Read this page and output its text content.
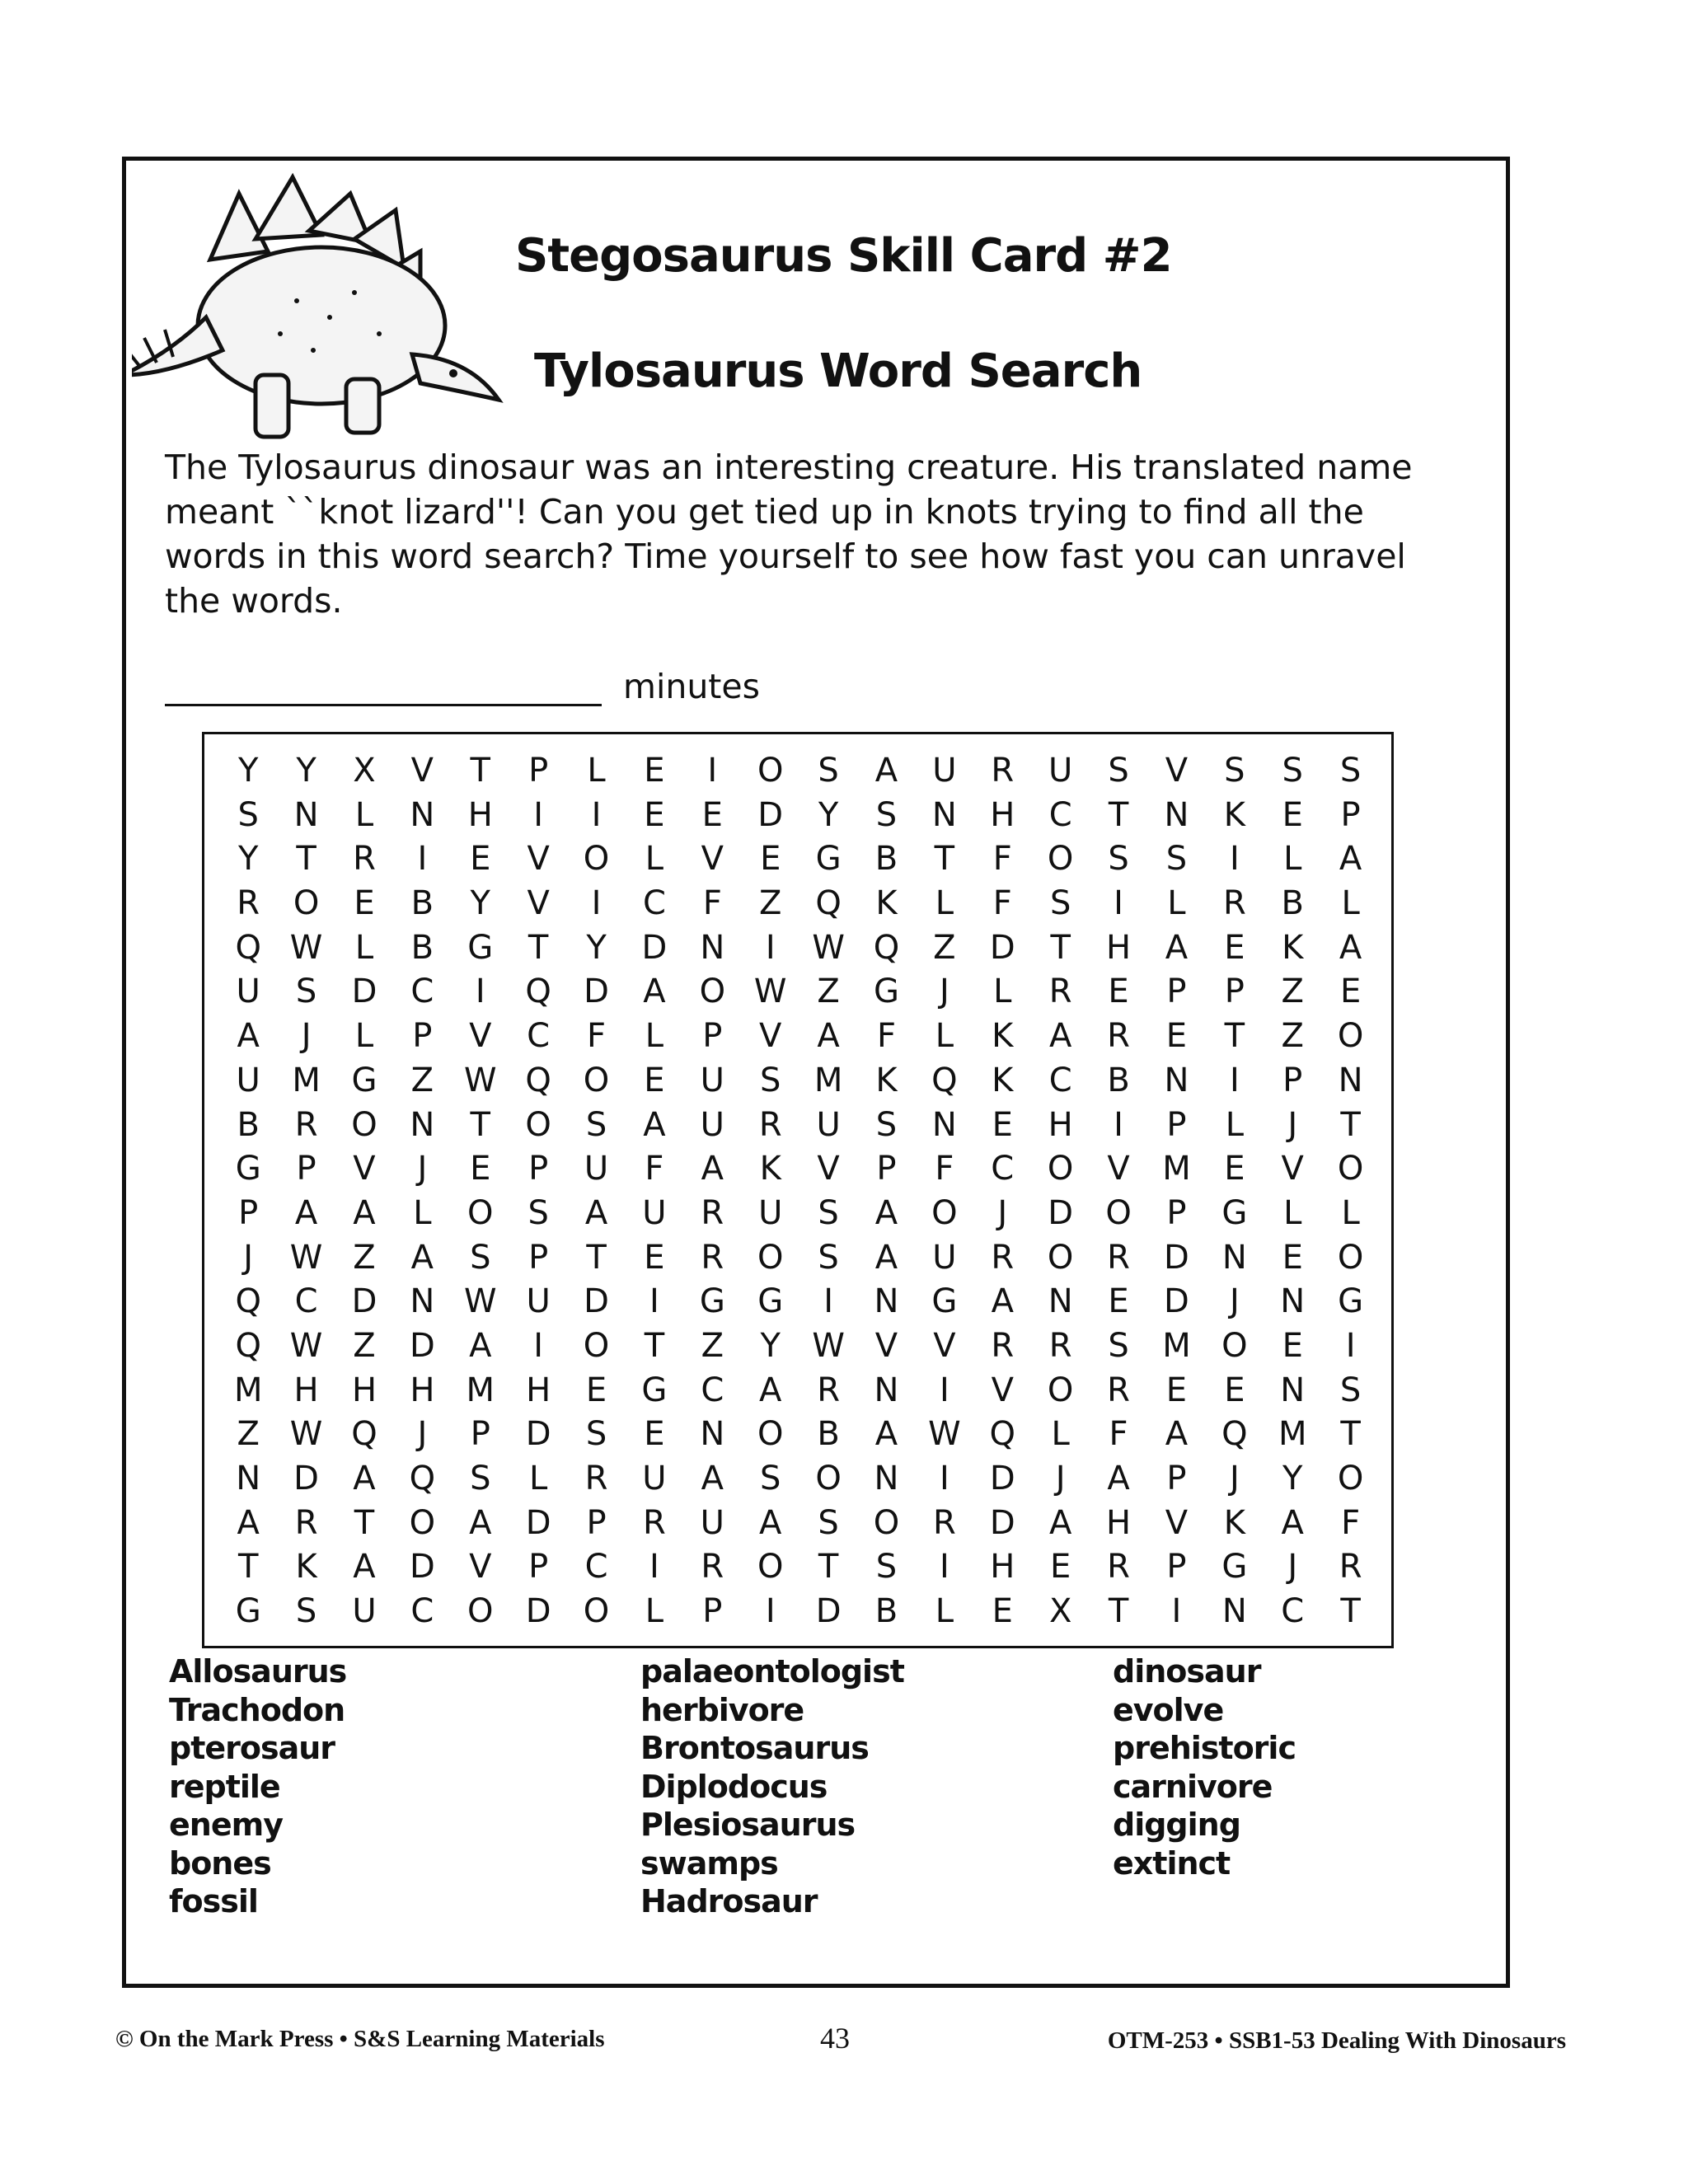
Stegosaurus Skill Card #2
Tylosaurus Word Search
The Tylosaurus dinosaur was an interesting creature. His translated name meant ``knot lizard''! Can you get tied up in knots trying to find all the words in this word search? Time yourself to see how fast you can unravel the words.
minutes
Y	Y	X	V	T	P	L	E	I	O	S	A	U	R	U	S	V	S	S	S
S	N	L	N	H	I	I	E	E	D	Y	S	N	H	C	T	N	K	E	P
Y	T	R	I	E	V	O	L	V	E	G	B	T	F	O	S	S	I	L	A
R	O	E	B	Y	V	I	C	F	Z	Q	K	L	F	S	I	L	R	B	L
Q W L	B	G	T	Y	D	N	I	W Q	Z	D	T	H	A	E	K	A
U	S	D	C	I	Q D	A	O W Z	G	J	L	R	E	P	P	Z	E
A	J	L	P	V	C	F	L	P	V	A	F	L	K	A	R	E	T	Z	O
U M G	Z W Q O	E	U	S	M	K	Q	K	C	B	N	I	P	N
B	R	O N	T	O	S	A	U	R	U	S	N	E	H	I	P	L	J	T
G	P	V	J	E	P	U	F	A	K	V	P	F	C	O	V M	E	V	O
P	A	A	L	O	S	A	U	R	U	S	A	O	J	D O	P	G	L	L
J	W Z	A	S	P	T	E	R	O	S	A	U	R	O	R	D	N	E	O
Q	C	D	N W U	D	I	G G	I	N G	A	N	E	D	J	N G
Q W Z	D	A	I	O	T	Z	Y W V	V	R	R	S	M O	E	I
M H	H	H M H	E	G	C	A	R	N	I	V	O	R	E	E	N	S
Z W Q	J	P	D	S	E	N O	B	A W Q	L	F	A	Q M	T
N	D	A	Q	S	L	R	U	A	S	O N	I	D	J	A	P	J	Y	O
A	R	T	O	A	D	P	R	U	A	S	O	R	D	A	H	V	K	A	F
T	K	A	D	V	P	C	I	R	O	T	S	I	H	E	R	P	G	J	R
G	S	U	C	O D O	L	P	I	D	B	L	E	X	T	I	N	C	T
Allosaurus
Trachodon
pterosaur
reptile
enemy
bones
fossil
palaeontologist
herbivore
Brontosaurus
Diplodocus
Plesiosaurus
swamps
Hadrosaur
dinosaur
evolve
prehistoric
carnivore
digging
extinct
© On the Mark Press • S&S Learning Materials	43	OTM-253 • SSB1-53 Dealing With Dinosaurs
